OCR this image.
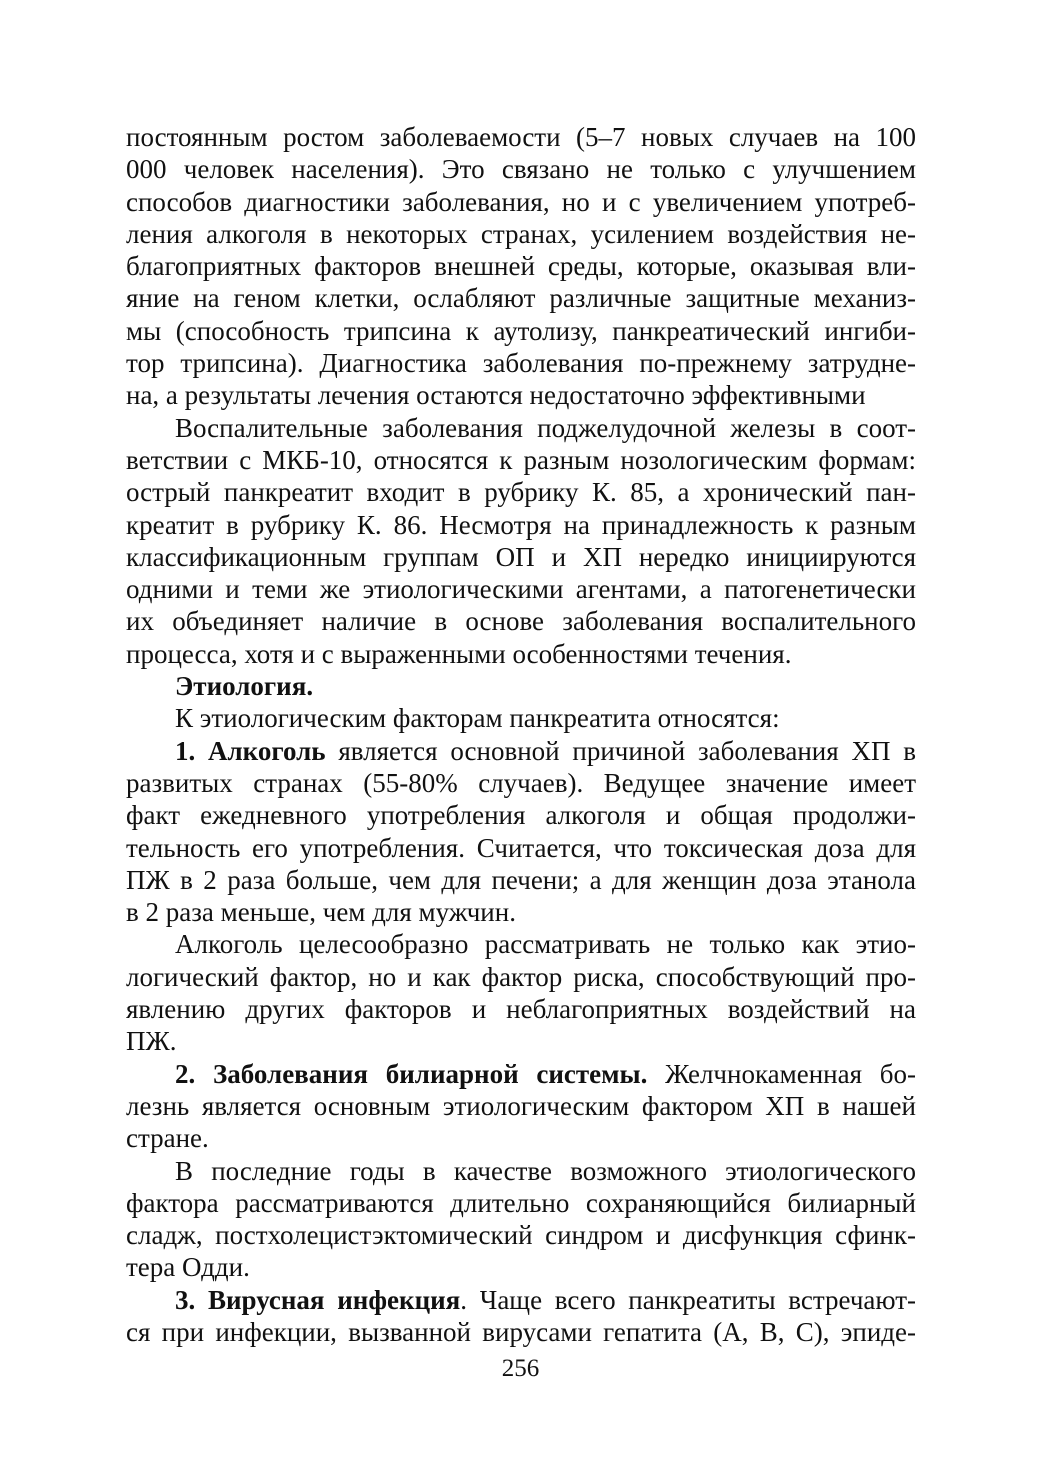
постоянным ростом заболеваемости (5–7 новых случаев на 100
000 человек населения). Это связано не только с улучшением
способов диагностики заболевания, но и с увеличением употреб-
ления алкоголя в некоторых странах, усилением воздействия не-
благоприятных факторов внешней среды, которые, оказывая вли-
яние на геном клетки, ослабляют различные защитные механиз-
мы (способность трипсина к аутолизу, панкреатический ингиби-
тор трипсина). Диагностика заболевания по-прежнему затрудне-
на, а результаты лечения остаются недостаточно эффективными
Воспалительные заболевания поджелудочной железы в соот-
ветствии с МКБ-10, относятся к разным нозологическим формам:
острый панкреатит входит в рубрику К. 85, а хронический пан-
креатит в рубрику К. 86. Несмотря на принадлежность к разным
классификационным группам ОП и ХП нередко инициируются
одними и теми же этиологическими агентами, а патогенетически
их объединяет наличие в основе заболевания воспалительного
процесса, хотя и с выраженными особенностями течения.
Этиология.
К этиологическим факторам панкреатита относятся:
1. Алкоголь является основной причиной заболевания ХП в
развитых странах (55-80% случаев). Ведущее значение имеет
факт ежедневного употребления алкоголя и общая продолжи-
тельность его употребления. Считается, что токсическая доза для
ПЖ в 2 раза больше, чем для печени; а для женщин доза этанола
в 2 раза меньше, чем для мужчин.
Алкоголь целесообразно рассматривать не только как этио-
логический фактор, но и как фактор риска, способствующий про-
явлению других факторов и неблагоприятных воздействий на
ПЖ.
2. Заболевания билиарной системы. Желчнокаменная бо-
лезнь является основным этиологическим фактором ХП в нашей
стране.
В последние годы в качестве возможного этиологического
фактора рассматриваются длительно сохраняющийся билиарный
сладж, постхолецистэктомический синдром и дисфункция сфинк-
тера Одди.
3. Вирусная инфекция. Чаще всего панкреатиты встречают-
ся при инфекции, вызванной вирусами гепатита (А, В, С), эпиде-
256
